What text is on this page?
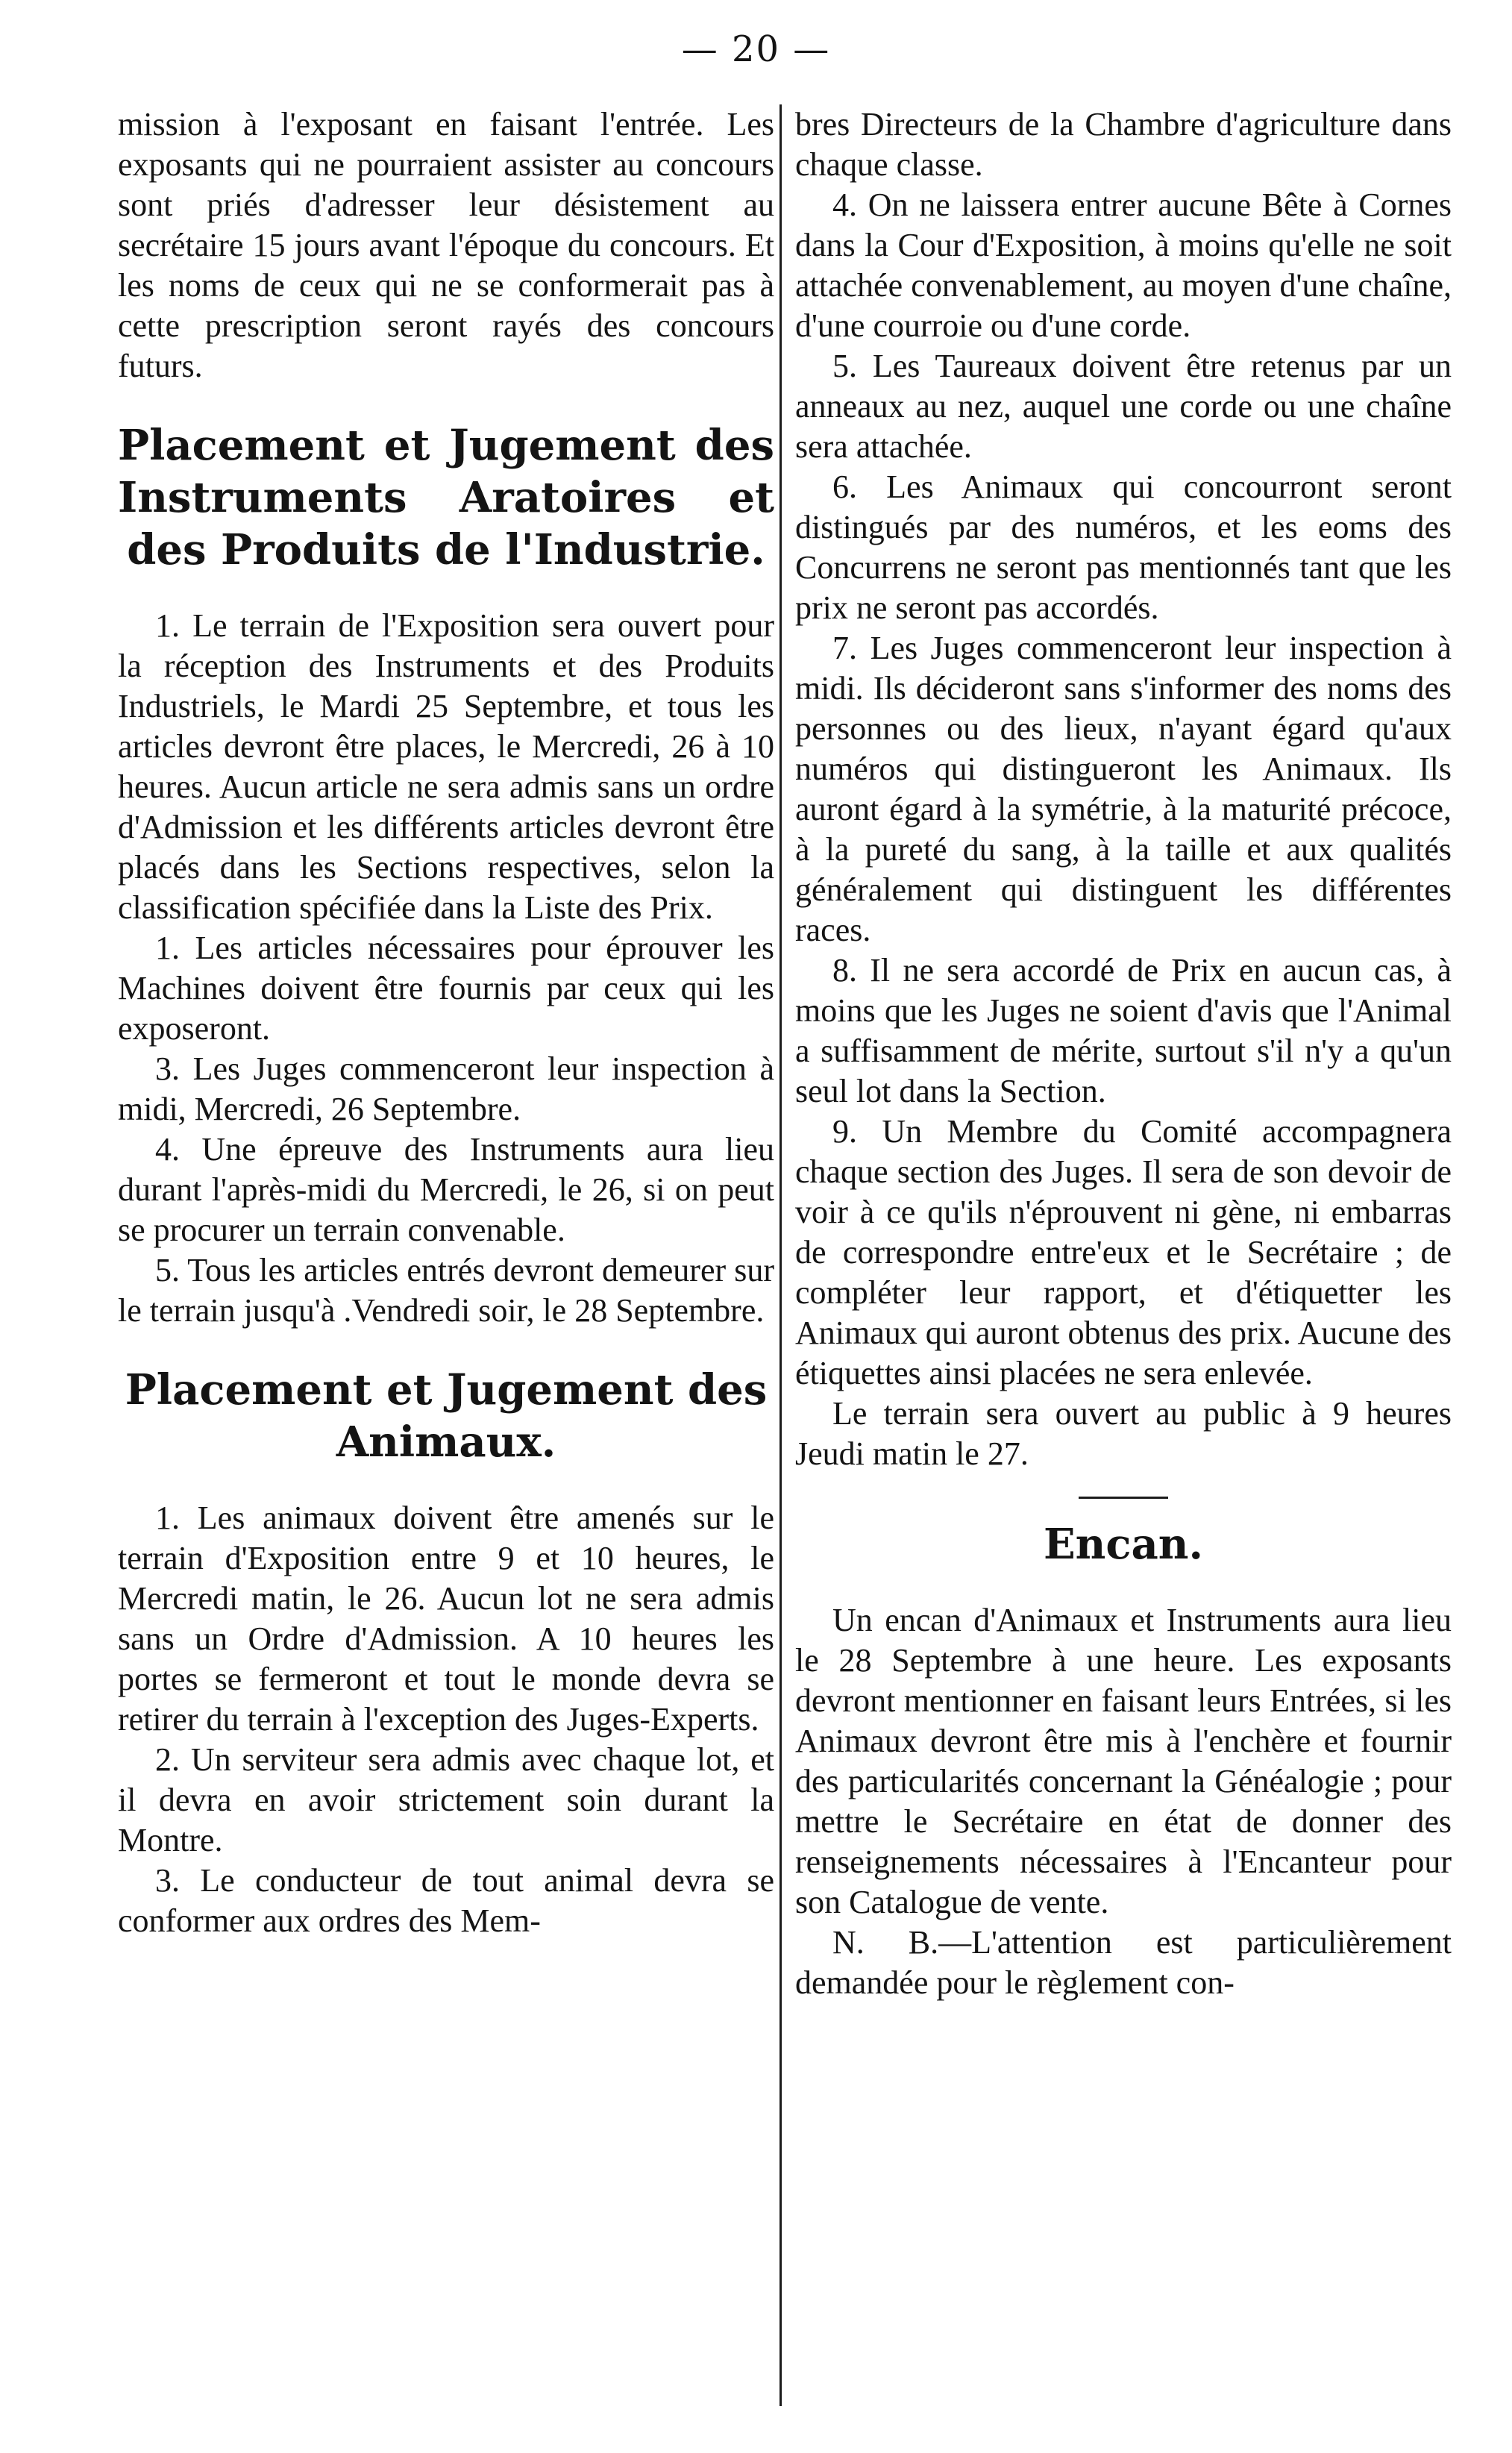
— 20 —

mission à l'exposant en faisant l'entrée. Les exposants qui ne pourraient assister au concours sont priés d'adresser leur désistement au secrétaire 15 jours avant l'époque du concours. Et les noms de ceux qui ne se conformerait pas à cette prescription seront rayés des concours futurs.

Placement et Jugement des Instruments Aratoires et des Produits de l'Industrie.

1. Le terrain de l'Exposition sera ouvert pour la réception des Instruments et des Produits Industriels, le Mardi 25 Septembre, et tous les articles devront être places, le Mercredi, 26 à 10 heures. Aucun article ne sera admis sans un ordre d'Admission et les différents articles devront être placés dans les Sections respectives, selon la classification spécifiée dans la Liste des Prix.

1. Les articles nécessaires pour éprouver les Machines doivent être fournis par ceux qui les exposeront.

3. Les Juges commenceront leur inspection à midi, Mercredi, 26 Septembre.

4. Une épreuve des Instruments aura lieu durant l'après-midi du Mercredi, le 26, si on peut se procurer un terrain convenable.

5. Tous les articles entrés devront demeurer sur le terrain jusqu'à .Vendredi soir, le 28 Septembre.

Placement et Jugement des Animaux.

1. Les animaux doivent être amenés sur le terrain d'Exposition entre 9 et 10 heures, le Mercredi matin, le 26. Aucun lot ne sera admis sans un Ordre d'Admission. A 10 heures les portes se fermeront et tout le monde devra se retirer du terrain à l'exception des Juges-Experts.

2. Un serviteur sera admis avec chaque lot, et il devra en avoir strictement soin durant la Montre.

3. Le conducteur de tout animal devra se conformer aux ordres des Mem-

bres Directeurs de la Chambre d'agriculture dans chaque classe.

4. On ne laissera entrer aucune Bête à Cornes dans la Cour d'Exposition, à moins qu'elle ne soit attachée convenablement, au moyen d'une chaîne, d'une courroie ou d'une corde.

5. Les Taureaux doivent être retenus par un anneaux au nez, auquel une corde ou une chaîne sera attachée.

6. Les Animaux qui concourront seront distingués par des numéros, et les eoms des Concurrens ne seront pas mentionnés tant que les prix ne seront pas accordés.

7. Les Juges commenceront leur inspection à midi. Ils décideront sans s'informer des noms des personnes ou des lieux, n'ayant égard qu'aux numéros qui distingueront les Animaux. Ils auront égard à la symétrie, à la maturité précoce, à la pureté du sang, à la taille et aux qualités généralement qui distinguent les différentes races.

8. Il ne sera accordé de Prix en aucun cas, à moins que les Juges ne soient d'avis que l'Animal a suffisamment de mérite, surtout s'il n'y a qu'un seul lot dans la Section.

9. Un Membre du Comité accompagnera chaque section des Juges. Il sera de son devoir de voir à ce qu'ils n'éprouvent ni gène, ni embarras de correspondre entre'eux et le Secrétaire ; de compléter leur rapport, et d'étiquetter les Animaux qui auront obtenus des prix. Aucune des étiquettes ainsi placées ne sera enlevée.

Le terrain sera ouvert au public à 9 heures Jeudi matin le 27.

Encan.

Un encan d'Animaux et Instruments aura lieu le 28 Septembre à une heure. Les exposants devront mentionner en faisant leurs Entrées, si les Animaux devront être mis à l'enchère et fournir des particularités concernant la Généalogie ; pour mettre le Secrétaire en état de donner des renseignements nécessaires à l'Encanteur pour son Catalogue de vente.

N. B.—L'attention est particulièrement demandée pour le règlement con-
